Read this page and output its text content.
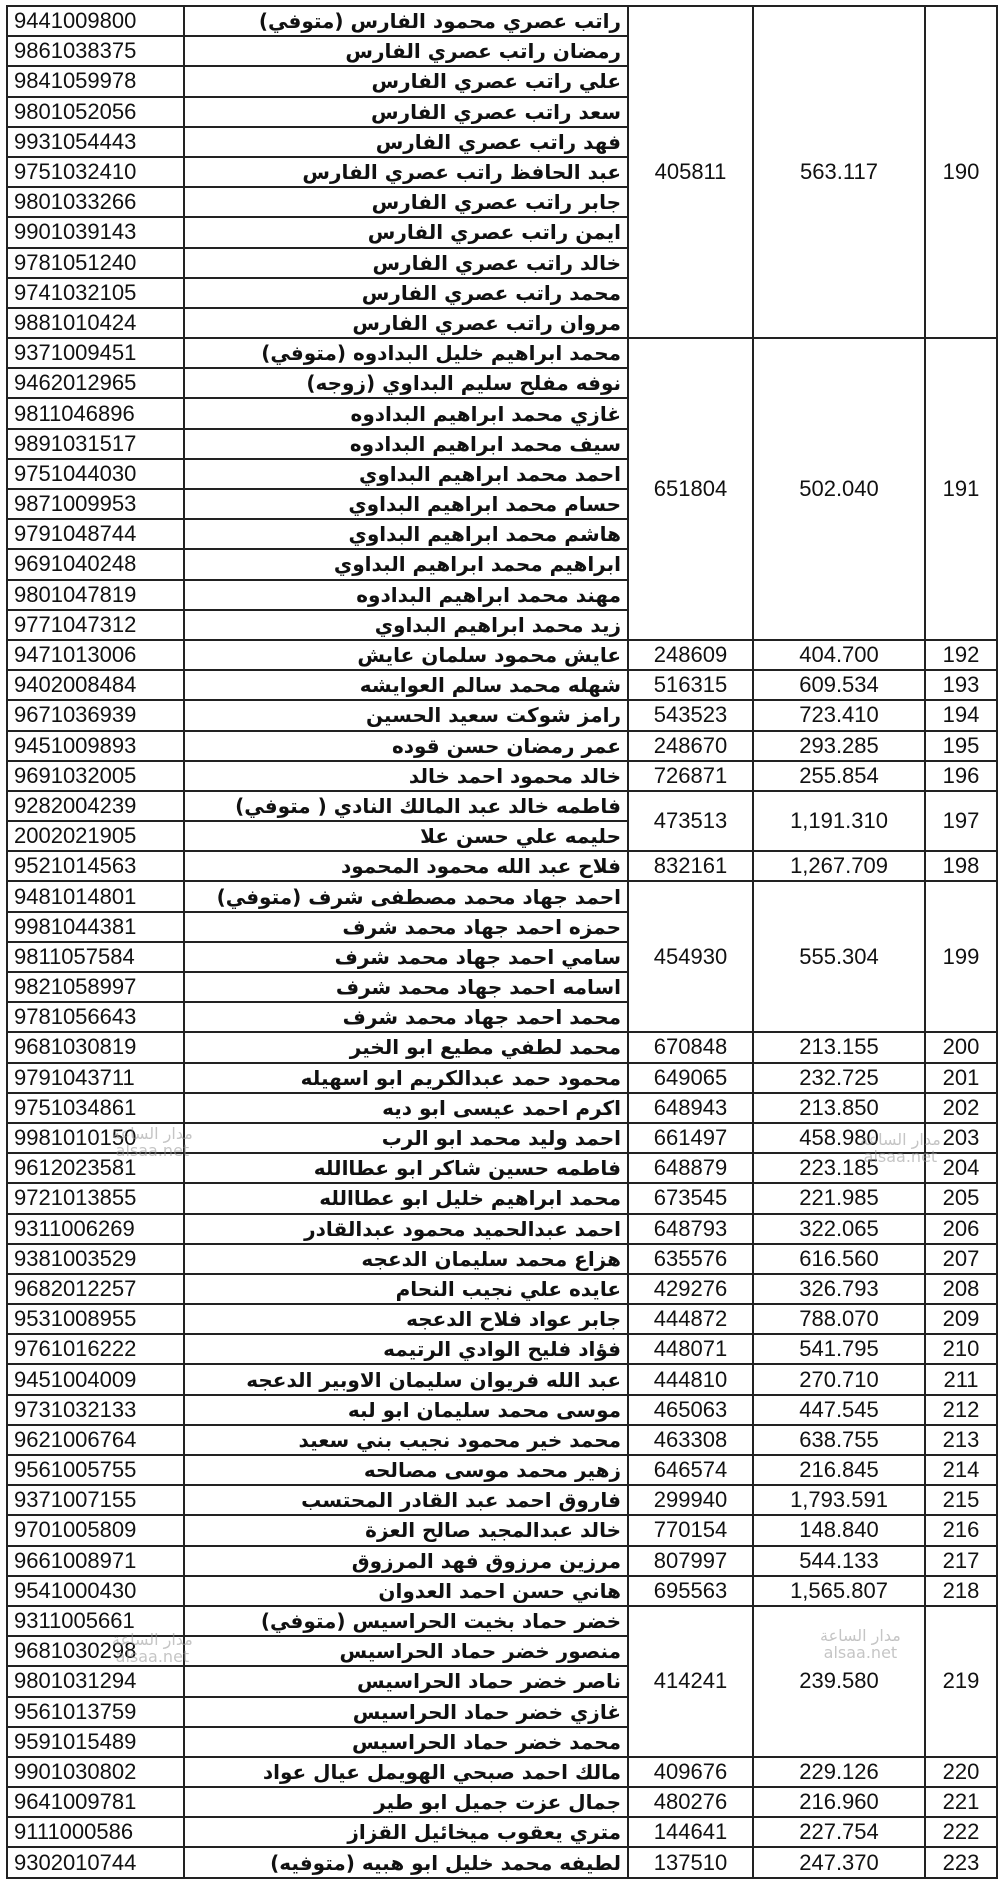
9441009800	راتب عصري محمود الفارس (متوفي)	405811	563.117	190
9861038375	رمضان راتب عصري الفارس			
9841059978	علي راتب عصري الفارس			
9801052056	سعد راتب عصري الفارس			
9931054443	فهد راتب عصري الفارس			
9751032410	عبد الحافظ راتب عصري الفارس			
9801033266	جابر راتب عصري الفارس			
9901039143	ايمن راتب عصري الفارس			
9781051240	خالد راتب عصري الفارس			
9741032105	محمد راتب عصري الفارس			
9881010424	مروان راتب عصري الفارس			
9371009451	محمد ابراهيم خليل البدادوه (متوفي)	651804	502.040	191
9462012965	نوفه مفلح سليم البداوي (زوجه)			
9811046896	غازي محمد ابراهيم البدادوه			
9891031517	سيف محمد ابراهيم البدادوه			
9751044030	احمد محمد ابراهيم البداوي			
9871009953	حسام محمد ابراهيم البداوي			
9791048744	هاشم محمد ابراهيم البداوي			
9691040248	ابراهيم محمد ابراهيم البداوي			
9801047819	مهند محمد ابراهيم البدادوه			
9771047312	زيد محمد ابراهيم البداوي			
9471013006	عايش محمود سلمان عايش	248609	404.700	192
9402008484	شهله محمد سالم العوايشه	516315	609.534	193
9671036939	رامز شوكت سعيد الحسين	543523	723.410	194
9451009893	عمر رمضان حسن قوده	248670	293.285	195
9691032005	خالد محمود احمد خالد	726871	255.854	196
9282004239	فاطمه خالد عبد المالك النادي ( متوفي)	473513	1,191.310	197
2002021905	حليمه علي حسن علا			
9521014563	فلاح عبد الله محمود المحمود	832161	1,267.709	198
9481014801	احمد جهاد محمد مصطفى شرف (متوفي)	454930	555.304	199
9981044381	حمزه احمد جهاد محمد شرف			
9811057584	سامي احمد جهاد محمد شرف			
9821058997	اسامه احمد جهاد محمد شرف			
9781056643	محمد احمد جهاد محمد شرف			
9681030819	محمد لطفي مطيع ابو الخير	670848	213.155	200
9791043711	محمود حمد عبدالكريم ابو اسهيله	649065	232.725	201
9751034861	اكرم احمد عيسى ابو ديه	648943	213.850	202
9981010150	احمد وليد محمد ابو الرب	661497	458.980	203
9612023581	فاطمه حسين شاكر ابو عطاالله	648879	223.185	204
9721013855	محمد ابراهيم خليل ابو عطاالله	673545	221.985	205
9311006269	احمد عبدالحميد محمود عبدالقادر	648793	322.065	206
9381003529	هزاع محمد سليمان الدعجه	635576	616.560	207
9682012257	عايده علي نجيب النحام	429276	326.793	208
9531008955	جابر عواد فلاح الدعجه	444872	788.070	209
9761016222	فؤاد فليح الوادي الرتيمه	448071	541.795	210
9451004009	عبد الله فريوان سليمان الاوبير الدعجه	444810	270.710	211
9731032133	موسى محمد سليمان ابو لبه	465063	447.545	212
9621006764	محمد خير محمود نجيب بني سعيد	463308	638.755	213
9561005755	زهير محمد موسى مصالحه	646574	216.845	214
9371007155	فاروق احمد عبد القادر المحتسب	299940	1,793.591	215
9701005809	خالد عبدالمجيد صالح العزة	770154	148.840	216
9661008971	مرزين مرزوق فهد المرزوق	807997	544.133	217
9541000430	هاني حسن احمد العدوان	695563	1,565.807	218
9311005661	خضر حماد بخيت الحراسيس (متوفي)	414241	239.580	219
9681030298	منصور خضر حماد الحراسيس			
9801031294	ناصر خضر حماد الحراسيس			
9561013759	غازي خضر حماد الحراسيس			
9591015489	محمد خضر حماد الحراسيس			
9901030802	مالك احمد صبحي الهويمل عيال عواد	409676	229.126	220
9641009781	جمال عزت جميل ابو طير	480276	216.960	221
9111000586	متري يعقوب ميخائيل القزاز	144641	227.754	222
9302010744	لطيفه محمد خليل ابو هبيه (متوفيه)	137510	247.370	223
مدار الساعة
alsaa.net
مدار الساعة
alsaa.net
مدار الساعة
alsaa.net
مدار الساعة
alsaa.net
